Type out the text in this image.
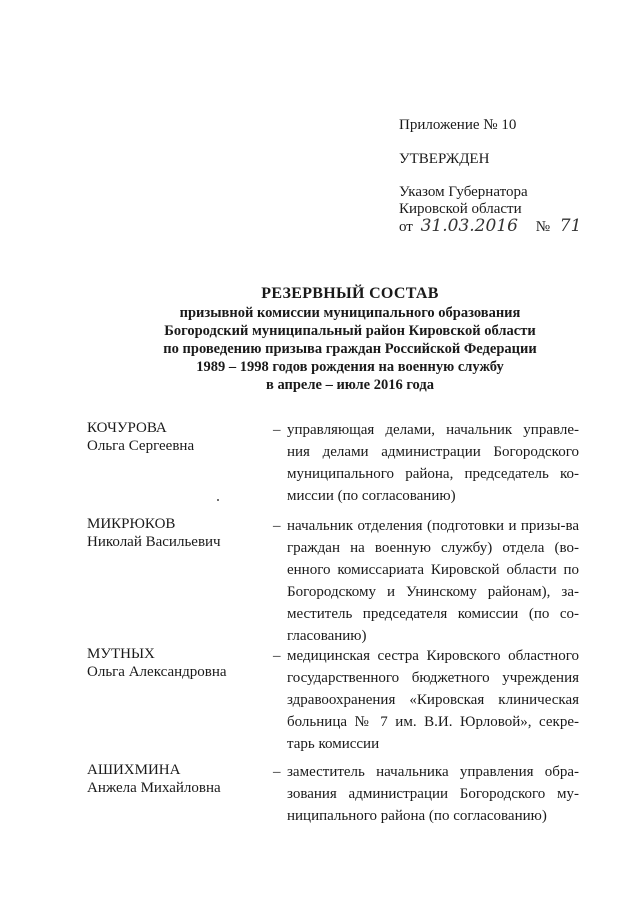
Приложение № 10
УТВЕРЖДЕН
Указом Губернатора
Кировской области
от 31.03.2016 № 71
РЕЗЕРВНЫЙ СОСТАВ
призывной комиссии муниципального образования
Богородский муниципальный район Кировской области
по проведению призыва граждан Российской Федерации
1989 – 1998 годов рождения на военную службу
в апреле – июле 2016 года
КОЧУРОВА
Ольга Сергеевна
– управляющая делами, начальник управле-ния делами администрации Богородского муниципального района, председатель ко-миссии (по согласованию)
МИКРЮКОВ
Николай Васильевич
– начальник отделения (подготовки и призы-ва граждан на военную службу) отдела (во-енного комиссариата Кировской области по Богородскому и Унинскому районам), за-меститель председателя комиссии (по со-гласованию)
МУТНЫХ
Ольга Александровна
– медицинская сестра Кировского областного государственного бюджетного учреждения здравоохранения «Кировская клиническая больница № 7 им. В.И. Юрловой», секре-тарь комиссии
АШИХМИНА
Анжела Михайловна
– заместитель начальника управления обра-зования администрации Богородского му-ниципального района (по согласованию)
